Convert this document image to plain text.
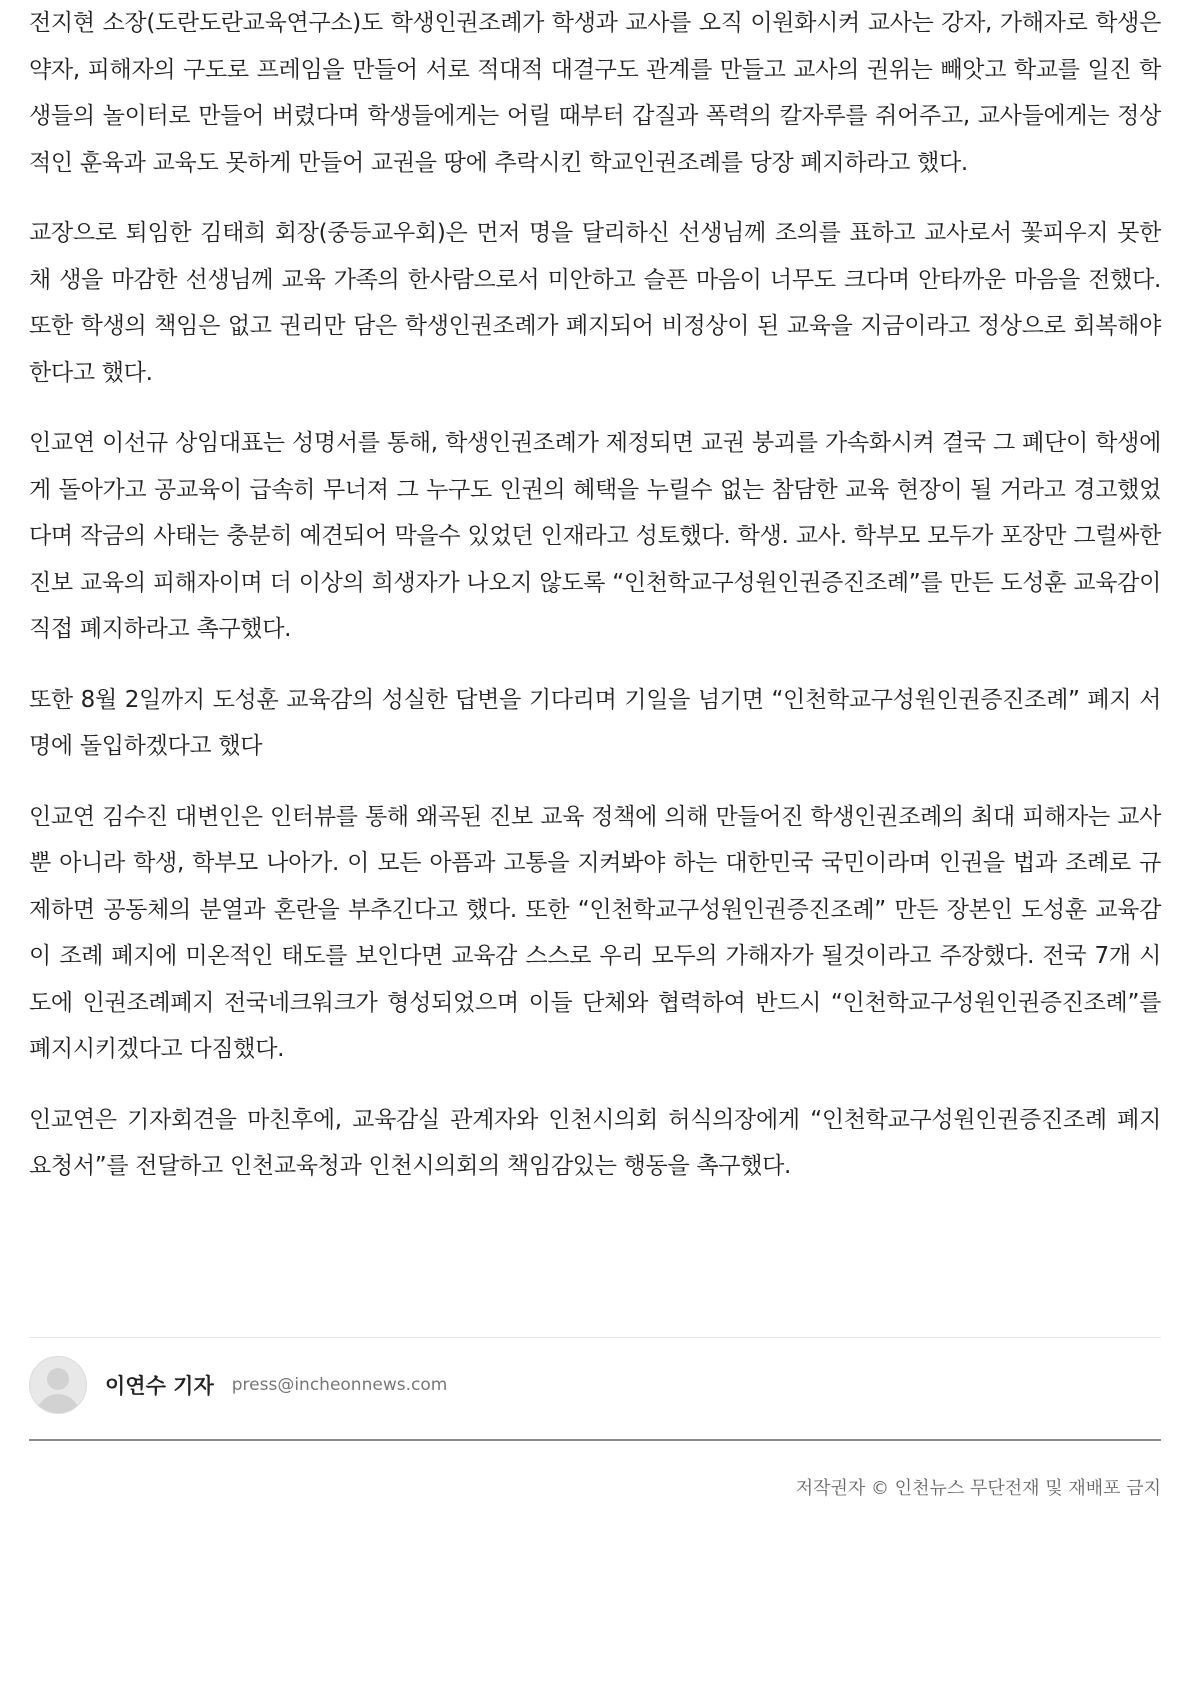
전지현 소장(도란도란교육연구소)도 학생인권조례가 학생과 교사를 오직 이원화시켜 교사는 강자, 가해자로 학생은 약자, 피해자의 구도로 프레임을 만들어 서로 적대적 대결구도 관계를 만들고 교사의 권위는 빼앗고 학교를 일진 학생들의 놀이터로 만들어 버렸다며 학생들에게는 어릴 때부터 갑질과 폭력의 칼자루를 쥐어주고, 교사들에게는 정상적인 훈육과 교육도 못하게 만들어 교권을 땅에 추락시킨 학교인권조례를 당장 폐지하라고 했다.

교장으로 퇴임한 김태희 회장(중등교우회)은 먼저 명을 달리하신 선생님께 조의를 표하고 교사로서 꽃피우지 못한 채 생을 마감한 선생님께 교육 가족의 한사람으로서 미안하고 슬픈 마음이 너무도 크다며 안타까운 마음을 전했다. 또한 학생의 책임은 없고 권리만 담은 학생인권조례가 폐지되어 비정상이 된 교육을 지금이라고 정상으로 회복해야 한다고 했다.

인교연 이선규 상임대표는 성명서를 통해, 학생인권조례가 제정되면 교권 붕괴를 가속화시켜 결국 그 폐단이 학생에게 돌아가고 공교육이 급속히 무너져 그 누구도 인권의 혜택을 누릴수 없는 참담한 교육 현장이 될 거라고 경고했었다며 작금의 사태는 충분히 예견되어 막을수 있었던 인재라고 성토했다. 학생. 교사. 학부모 모두가 포장만 그럴싸한 진보 교육의 피해자이며 더 이상의 희생자가 나오지 않도록 “인천학교구성원인권증진조례”를 만든 도성훈 교육감이 직접 폐지하라고 촉구했다.

또한 8월 2일까지 도성훈 교육감의 성실한 답변을 기다리며 기일을 넘기면 “인천학교구성원인권증진조례” 폐지 서명에 돌입하겠다고 했다

인교연 김수진 대변인은 인터뷰를 통해 왜곡된 진보 교육 정책에 의해 만들어진 학생인권조례의 최대 피해자는 교사 뿐 아니라 학생, 학부모 나아가. 이 모든 아픔과 고통을 지켜봐야 하는 대한민국 국민이라며 인권을 법과 조례로 규제하면 공동체의 분열과 혼란을 부추긴다고 했다. 또한 “인천학교구성원인권증진조례” 만든 장본인 도성훈 교육감이 조례 폐지에 미온적인 태도를 보인다면 교육감 스스로 우리 모두의 가해자가 될것이라고 주장했다. 전국 7개 시도에 인권조례폐지 전국네크워크가 형성되었으며 이들 단체와 협력하여 반드시 “인천학교구성원인권증진조례”를 폐지시키겠다고 다짐했다.

인교연은 기자회견을 마친후에, 교육감실 관계자와 인천시의회 허식의장에게 “인천학교구성원인권증진조례 폐지 요청서”를 전달하고 인천교육청과 인천시의회의 책임감있는 행동을 촉구했다.

이연수 기자 press@incheonnews.com
저작권자 © 인천뉴스 무단전재 및 재배포 금지
